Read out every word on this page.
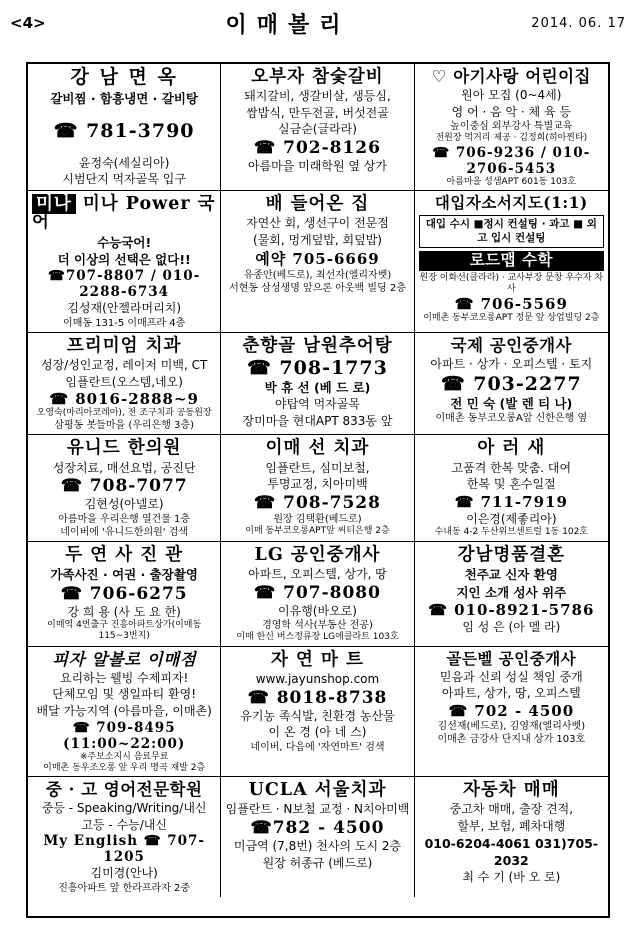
<4>	이매볼리	2014. 06. 17
강 남 면 옥
갈비찜 · 함흥냉면 · 갈비탕
☎ 781-3790
윤정숙(세실리아)
시범단지 먹자골목 입구
오부자 참숯갈비
돼지갈비, 생갈비살, 생등심,
쌈밥식, 만두전골, 버섯전골
실금순(글라라)
☎ 702-8126
아름마을 미래학원 옆 상가
♡ 아기사랑 어린이집
원아 모집 (0~4세)
영 어 · 음 악 · 체 육 등
높이중심 외부강사 특별교육
전원장 먹거리 제공 · 김정희(히아찐타)
☎ 706-9236 / 010-2706-5453
아름마을 성샘APT 601동 103호
미나 미나 Power 국어
수능국어!
더 이상의 선택은 없다!!
☎707-8807 / 010-2288-6734
김성재(안젤라머리치)
이매동 131-5 이매프라 4층
배 들어온 집
자연산 회, 생선구이 전문점
(물회, 멍게덮밥, 회덮밥)
예약 705-6669
유종안(베드로), 최선자(엘리자벳)
서현동 삼성생명 앞으론 아웃백 빌딩 2층
대입자소서지도(1:1)
대입 수시 ■정시 컨설팅 · 과고 ■ 외고 입시 컨설팅
로드맵 수학
원장 이화선(클라라) · 교사부장 문창 우수자 차사
☎ 706-5569
이매촌 동부코오롱APT 정문 앞 상업빌딩 2층
프리미엄 치과
성장/성인교정, 레이저 미백, CT
임플란트(오스템,네오)
☎ 8016-2888~9
오영숙(마리아코레아), 전 조구치과 공동원장
삼평동 봇들마을 (우리은행 3층)
춘향골 남원추어탕
☎ 708-1773
박 휴 선 (베 드 로)
야탑역 먹자골목
장미마을 현대APT 833동 앞
국제 공인중개사
아파트 · 상가 · 오피스텔 · 토지
☎ 703-2277
전 민 숙 (발 렌 티 나)
이매촌 동부코오롱A앞 신한은행 옆
유니드 한의원
성장치료, 매선요법, 공진단
☎ 708-7077
김현성(아넬로)
아름마을 우리은행 열건물 1층
네이버에 '유니드한의원' 검색
이매 선 치과
임플란트, 심미보철,
투명교정, 치아미백
☎ 708-7528
원장 김택환(베드로)
이매 동부코오롱APT앞 씨티은행 2층
아 러 새
고품격 한복 맞춤. 대여
한복 및 혼수일절
☎ 711-7919
이은경(제좋리아)
수내동 4-2 두산위브센트럴 1동 102호
두 연 사 진 관
가족사진 · 여권 · 출장촬영
☎ 706-6275
강 희 용 (사 도 요 한)
이매역 4번출구 진흥아파트상가(이매동115~3번지)
LG 공인중개사
아파트, 오피스텔, 상가, 땅
☎ 707-8080
이유행(바오로)
경영학 석사(부동산 전공)
이매 한신 버스정류장 LG에클라트 103호
강남명품결혼
천주교 신자 환영
지인 소개 성사 위주
☎ 010-8921-5786
임 성 은 (아 멜 라)
피자 알볼로 이매점
요리하는 웰빙 수제피자!
단체모임 및 생일파티 환영!
배달 가능지역 (아름마을, 이매촌)
☎ 709-8495 (11:00~22:00)
※주보소지시 음료무료
이매촌 동우조오롱 앞 우리 명곡 재발 2층
자 연 마 트
www.jayunshop.com
☎ 8018-8738
유기농 족식발, 친환경 농산물
이 온 경 (아 네 스)
네이버, 다음에 '자연마트' 검색
골든벨 공인중개사
믿음과 신뢰 성실 책임 중개
아파트, 상가, 땅, 오피스텔
☎ 702 - 4500
김선재(베드로), 김영재(엘리사벳)
이매촌 금강사 단지내 상가 103호
중 · 고 영어전문학원
중등 - Speaking/Writing/내신
고등 - 수능/내신
My English ☎ 707-1205
김미경(안나)
진흥아파트 앞 한라프라자 2중
UCLA 서울치과
임플란트 · N보철 교정 · N치아미백
☎782 - 4500
미금역 (7,8번) 천사의 도시 2층
원장 허종규 (베드로)
자동차 매매
중고차 매매, 출장 견적,
할부, 보험, 폐차대행
010-6204-4061 031)705-2032
최 수 기 (바 오 로)
